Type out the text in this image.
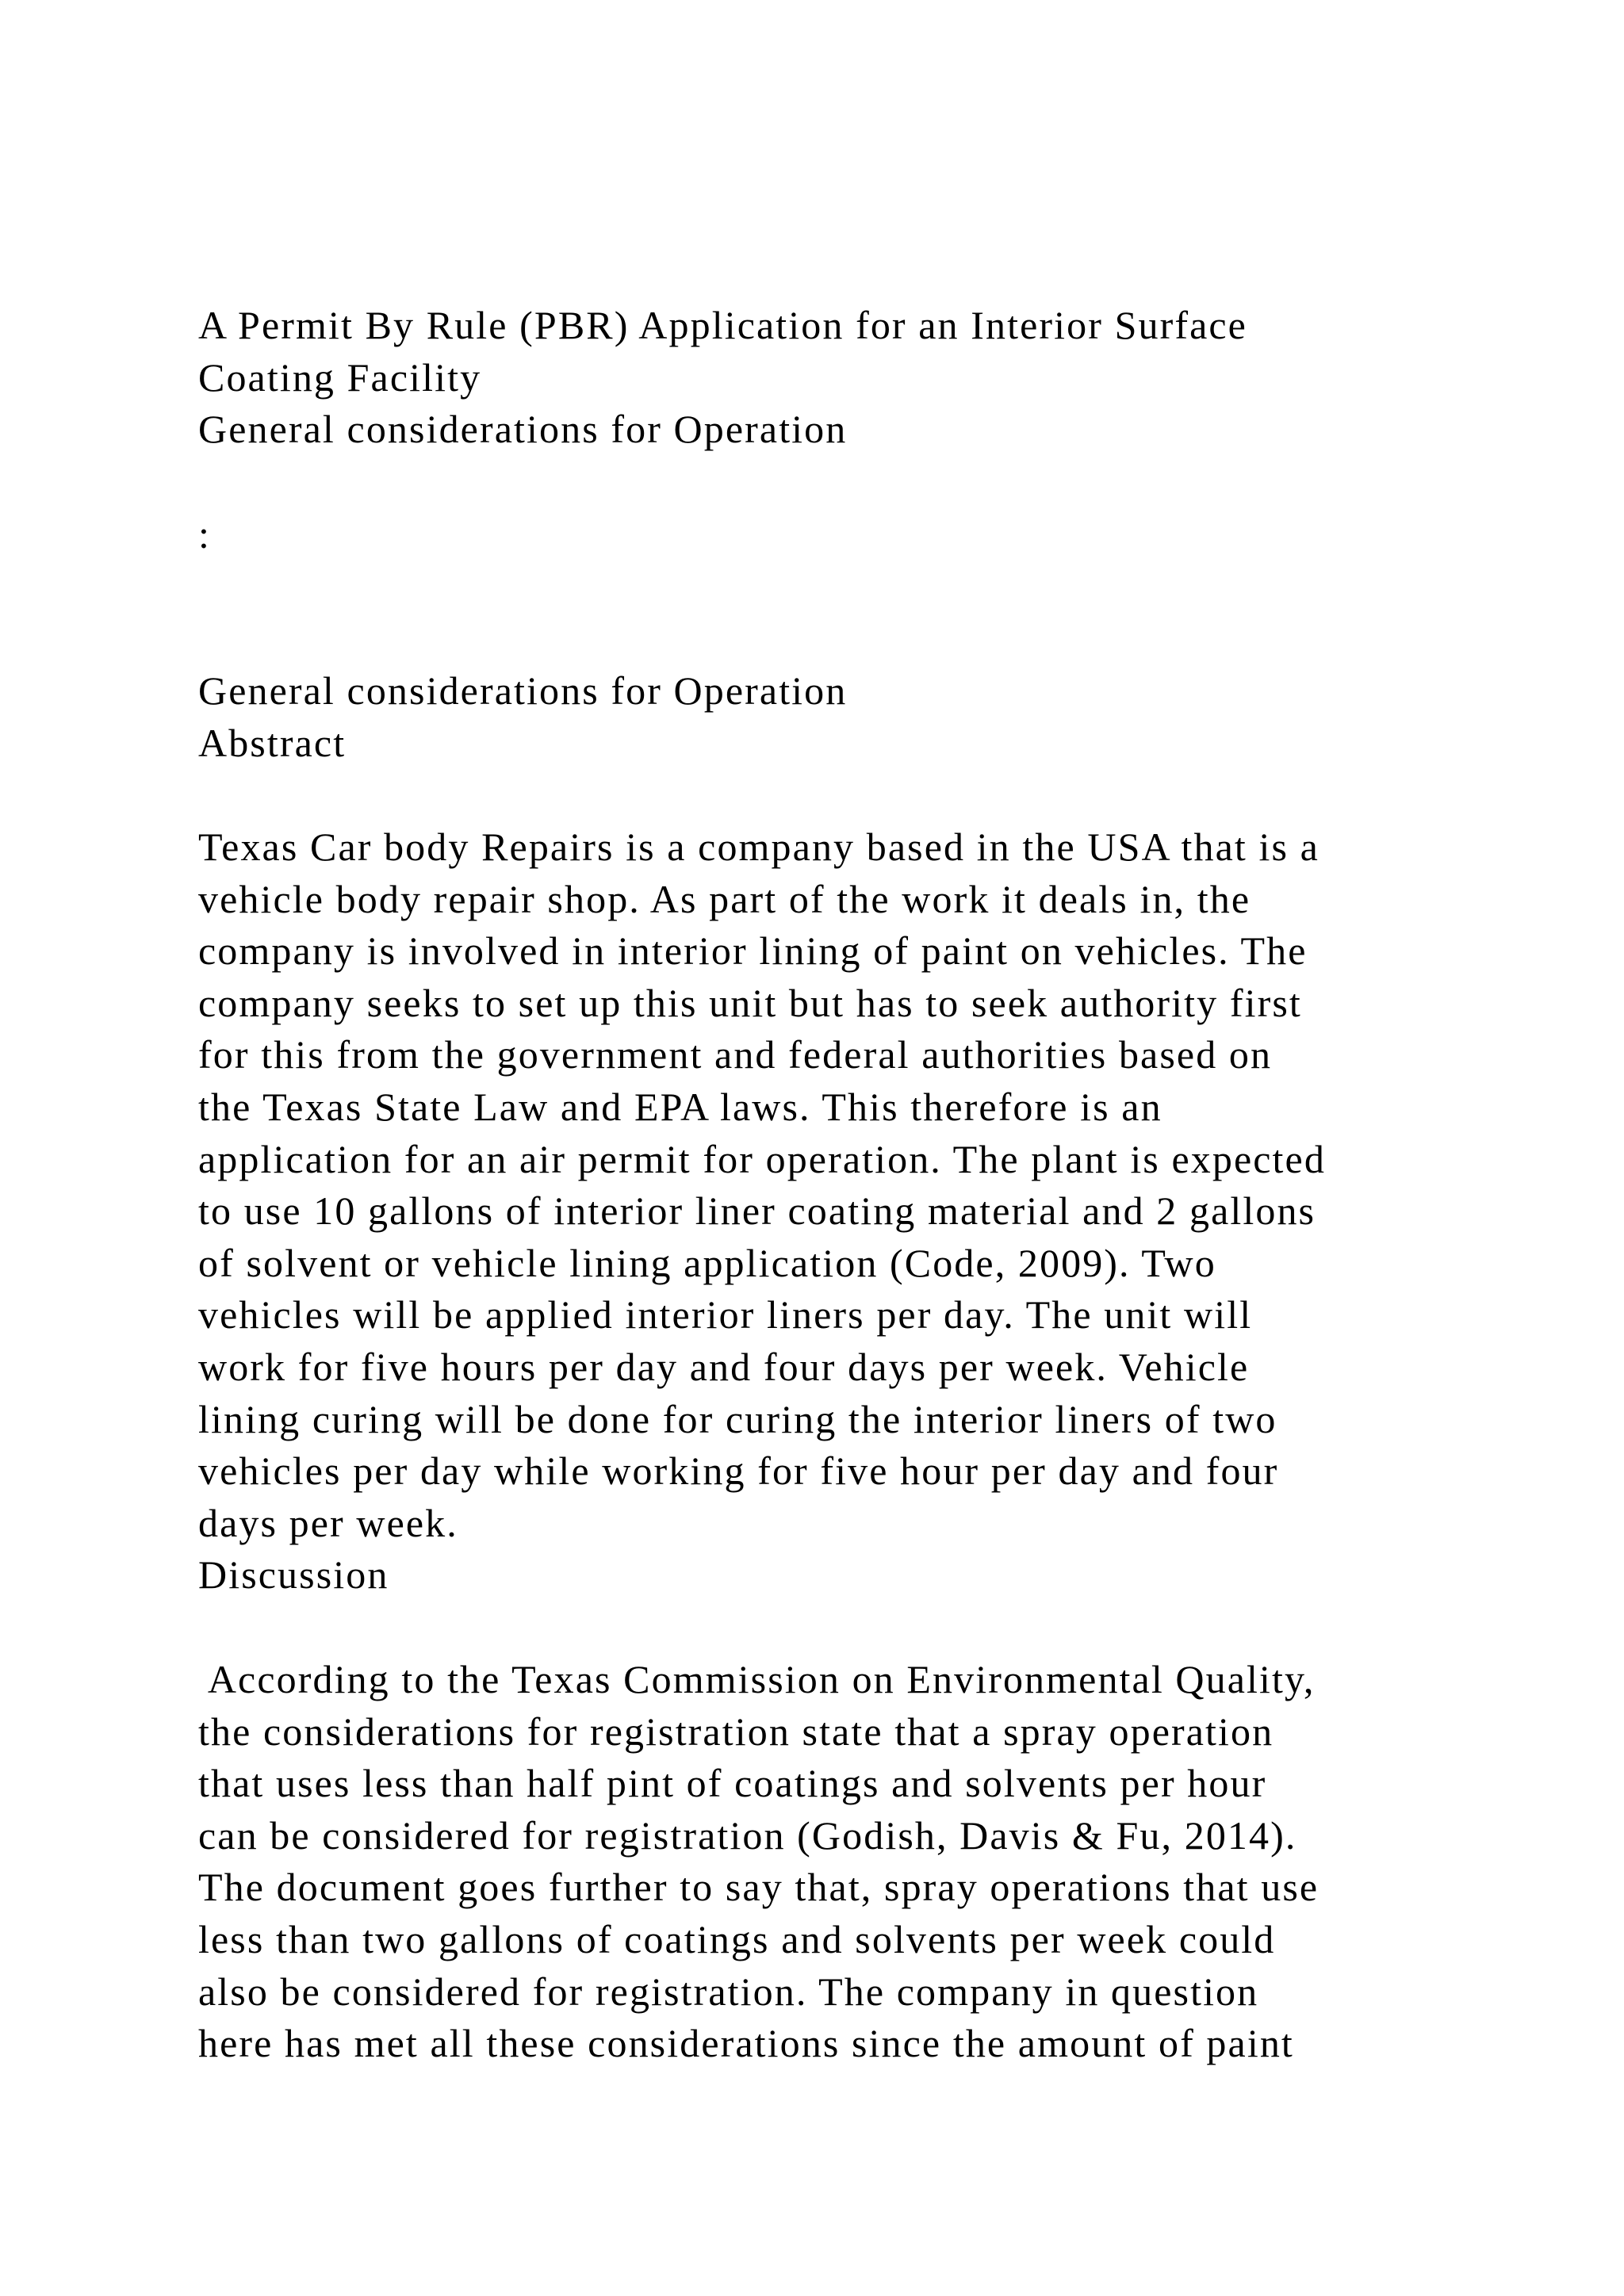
A Permit By Rule (PBR) Application for an Interior Surface
Coating Facility
General considerations for Operation
:
General considerations for Operation
Abstract
Texas Car body Repairs is a company based in the USA that is a
vehicle body repair shop. As part of the work it deals in, the
company is involved in interior lining of paint on vehicles. The
company seeks to set up this unit but has to seek authority first
for this from the government and federal authorities based on
the Texas State Law and EPA laws. This therefore is an
application for an air permit for operation. The plant is expected
to use 10 gallons of interior liner coating material and 2 gallons
of solvent or vehicle lining application (Code, 2009). Two
vehicles will be applied interior liners per day. The unit will
work for five hours per day and four days per week. Vehicle
lining curing will be done for curing the interior liners of two
vehicles per day while working for five hour per day and four
days per week.
Discussion
According to the Texas Commission on Environmental Quality,
the considerations for registration state that a spray operation
that uses less than half pint of coatings and solvents per hour
can be considered for registration (Godish, Davis & Fu, 2014).
The document goes further to say that, spray operations that use
less than two gallons of coatings and solvents per week could
also be considered for registration. The company in question
here has met all these considerations since the amount of paint
